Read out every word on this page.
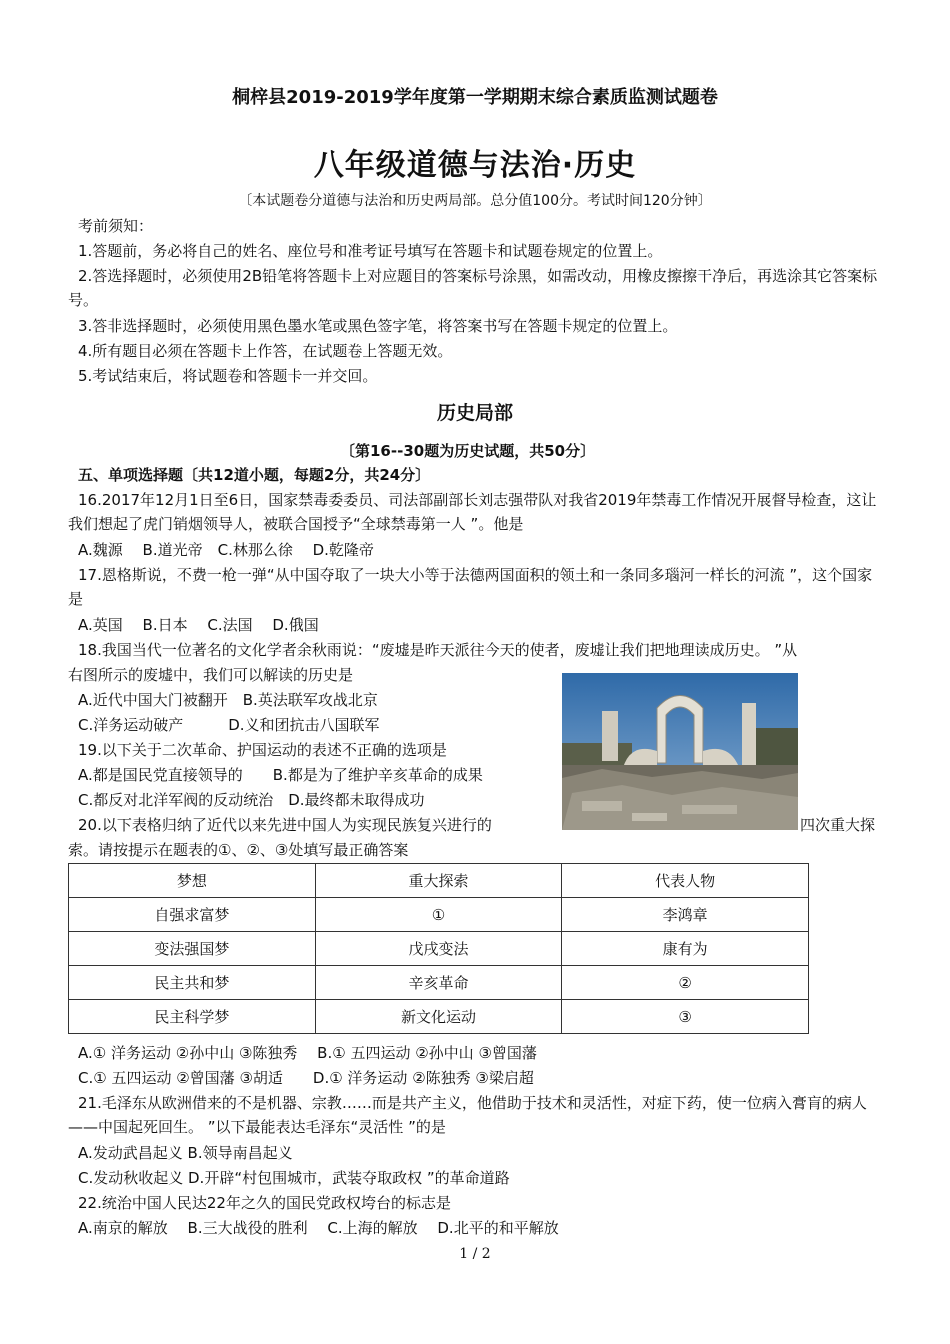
桐梓县2019-2019学年度第一学期期末综合素质监测试题卷
八年级道德与法治·历史
〔本试题卷分道德与法治和历史两局部。总分值100分。考试时间120分钟〕
考前须知：
1.答题前，务必将自己的姓名、座位号和准考证号填写在答题卡和试题卷规定的位置上。
2.答选择题时，必须使用2B铅笔将答题卡上对应题目的答案标号涂黑，如需改动，用橡皮擦擦干净后，再选涂其它答案标号。
3.答非选择题时，必须使用黑色墨水笔或黑色签字笔，将答案书写在答题卡规定的位置上。
4.所有题目必须在答题卡上作答，在试题卷上答题无效。
5.考试结束后，将试题卷和答题卡一并交回。
历史局部
〔第16--30题为历史试题，共50分〕
五、单项选择题〔共12道小题，每题2分，共24分〕
16.2017年12月1日至6日，国家禁毒委委员、司法部副部长刘志强带队对我省2019年禁毒工作情况开展督导检查，这让我们想起了虎门销烟领导人，被联合国授予“全球禁毒第一人 ”。他是
A.魏源　 B.道光帝　C.林那么徐　 D.乾隆帝
17.恩格斯说，不费一枪一弹“从中国夺取了一块大小等于法德两国面积的领土和一条同多瑙河一样长的河流 ”，这个国家是
A.英国　 B.日本　 C.法国　 D.俄国
18.我国当代一位著名的文化学者余秋雨说：“废墟是昨天派往今天的使者，废墟让我们把地理读成历史。 ”从
右图所示的废墟中，我们可以解读的历史是
A.近代中国大门被翻开　B.英法联军攻战北京
C.洋务运动破产　　　D.义和团抗击八国联军
19.以下关于二次革命、护国运动的表述不正确的选项是
A.都是国民党直接领导的　　B.都是为了维护辛亥革命的成果
C.都反对北洋军阀的反动统治　D.最终都未取得成功
20.以下表格归纳了近代以来先进中国人为实现民族复兴进行的	四次重大探
索。请按提示在题表的①、②、③处填写最正确答案
梦想	重大探索	代表人物
自强求富梦	①	李鸿章
变法强国梦	戊戌变法	康有为
民主共和梦	辛亥革命	②
民主科学梦	新文化运动	③
A.① 洋务运动 ②孙中山 ③陈独秀　 B.① 五四运动 ②孙中山 ③曾国藩
C.① 五四运动 ②曾国藩 ③胡适　　D.① 洋务运动 ②陈独秀 ③梁启超
21.毛泽东从欧洲借来的不是机器、宗教……而是共产主义，他借助于技术和灵活性，对症下药，使一位病入膏肓的病人——中国起死回生。 ”以下最能表达毛泽东“灵活性 ”的是
A.发动武昌起义 B.领导南昌起义
C.发动秋收起义 D.开辟“村包围城市，武装夺取政权 ”的革命道路
22.统治中国人民达22年之久的国民党政权垮台的标志是
A.南京的解放　 B.三大战役的胜利　 C.上海的解放　 D.北平的和平解放
1 / 2
